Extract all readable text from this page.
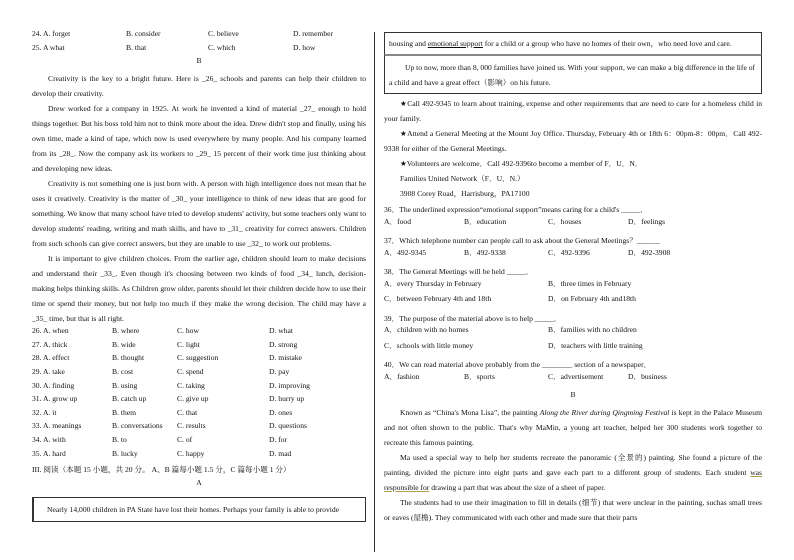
24. A. forget	B. consider	C. believe	D. remember
25. A what	B. that	C. which	D. how
B

Creativity is the key to a bright future. Here is _26_ schools and parents can help their children to develop their creativity.

Drew worked for a company in 1925. At work he invented a kind of material _27_ enough to hold things together. But his boss told him not to think more about the idea. Drew didn't stop and finally, using his own time, made a kind of tape, which now is used everywhere by many people. And his company learned from its _28_. Now the company ask its workers to _29_ 15 percent of their work time just thinking about and developing new ideas.

Creativity is not something one is just born with. A person with high intelligence does not mean that he uses it creatively. Creativity is the matter of _30_ your intelligence to think of new ideas that are good for something. We know that many school have tried to develop students' activity, but some teachers only want to develop students' reading, writing and math skills, and have to _31_ creativity for correct answers. Children from such schools can give correct answers, but they are unable to use _32_ to work out problems.

It is important to give children choices. From the earlier age, children should learn to make decisions and understand their _33_. Even though it's choosing between two kinds of food _34_ lunch, decision-making helps thinking skills. As Children grow older, parents should let their children decide how to use their time or spend their money, but not help too much if they make the wrong decision. The child may have a _35_ time, but that is all right.

26. A. when	B. where	C. how	D. what
27. A. thick	B. wide	C. light	D. strong
28. A. effect	B. thought	C. suggestion	D. mistake
29. A. take	B. cost	C. spend	D. pay
30. A. finding	B. using	C. taking	D. improving
31. A. grow up	B. catch up	C. give up	D. hurry up
32. A. it	B. them	C. that	D. ones
33. A. meanings	B. conversations C. results	D. questions
34. A. with	B. to	C. of	D. for
35. A. hard	B. lucky	C. happy	D. mad

III. 阅读（本题 15 小题，共 20 分。 A、B 篇每小题 1.5 分，C 篇每小题 1 分）

A

Nearly 14,000 children in PA State have lost their homes. Perhaps your family is able to provide

housing and emotional support for a child or a group who have no homes of their own，who need love and care.

Up to now, more than 8, 000 families have joined us. With your support, we can make a big difference in the life of a child and have a great effect（影响）on his future.

★Call 492-9345 to learn about training, expense and other requirements that are need to care for a homeless child in your family.

★Attend a General Meeting at the Mount Joy Office. Thursday, February 4th or 18th 6：00pm-8：00pm．Call 492-9338 for either of the General Meetings.

★Volunteers are welcome．Call 492-9396to become a member of F．U．N．

Families United Network（F．U．N.）

3908 Corey Road，Harrisburg，PA17100

36．The underlined expression“emotional support”means caring for a child's _____．

A．food	B．education	C．houses	D．feelings

37．Which telephone number can people call to ask about the General Meetings？______

A．492-9345	B．492-9338	C．492-9396	D．492-3908

38．The General Meetings will be held _____．

A．every Thursday in February	B．three times in February
C．between February 4th and 18th	D．on February 4th and18th

39．The purpose of the material above is to help _____．

A．children with no homes	B．families with no children
C．schools with little money	D．teachers with little training

40．We can read material above probably from the ________ section of a newspaper．

A．fashion	B．sports	C．advertisement	D．business
B

Known as “China's Mona Lisa”, the painting Along the River during Qingming Festival is kept in the Palace Museum and not often shown to the public. That's why MaMin, a young art teacher, helped her 300 students work together to recreate this famous painting.

Ma used a special way to help her students recreate the panoramic (全景的) painting. She found a picture of the painting, divided the picture into eight parts and gave each part to a different group of students. Each student was responsible for drawing a part that was about the size of a sheet of paper.

The students had to use their imagination to fill in details (细节) that were unclear in the painting, suchas small trees or eaves (屋檐). They communicated with each other and made sure that their parts
